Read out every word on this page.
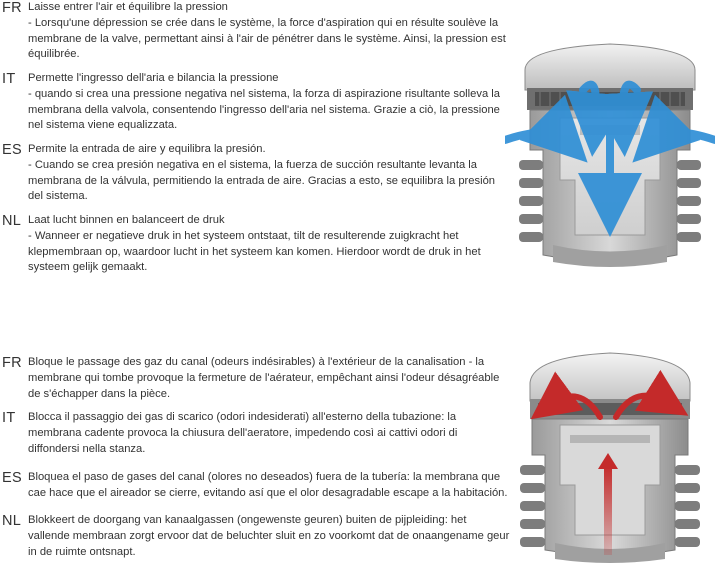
FR Laisse entrer l'air et équilibre la pression
- Lorsqu'une dépression se crée dans le système, la force d'aspiration qui en résulte soulève la membrane de la valve, permettant ainsi à l'air de pénétrer dans le système. Ainsi, la pression est équilibrée.
IT Permette l'ingresso dell'aria e bilancia la pressione
- quando si crea una pressione negativa nel sistema, la forza di aspirazione risultante solleva la membrana della valvola, consentendo l'ingresso dell'aria nel sistema. Grazie a ciò, la pressione nel sistema viene equalizzata.
ES Permite la entrada de aire y equilibra la presión.
- Cuando se crea presión negativa en el sistema, la fuerza de succión resultante levanta la membrana de la válvula, permitiendo la entrada de aire. Gracias a esto, se equilibra la presión del sistema.
NL Laat lucht binnen en balanceert de druk
- Wanneer er negatieve druk in het systeem ontstaat, tilt de resulterende zuigkracht het klepmembraan op, waardoor lucht in het systeem kan komen. Hierdoor wordt de druk in het systeem gelijk gemaakt.
FR Bloque le passage des gaz du canal (odeurs indésirables) à l'extérieur de la canalisation - la membrane qui tombe provoque la fermeture de l'aérateur, empêchant ainsi l'odeur désagréable de s'échapper dans la pièce.
IT Blocca il passaggio dei gas di scarico (odori indesiderati) all'esterno della tubazione: la membrana cadente provoca la chiusura dell'aeratore, impedendo così ai cattivi odori di diffondersi nella stanza.
ES Bloquea el paso de gases del canal (olores no deseados) fuera de la tubería: la membrana que cae hace que el aireador se cierre, evitando así que el olor desagradable escape a la habitación.
NL Blokkeert de doorgang van kanaalgassen (ongewenste geuren) buiten de pijpleiding: het vallende membraan zorgt ervoor dat de beluchter sluit en zo voorkomt dat de onaangename geur in de ruimte ontsnapt.
